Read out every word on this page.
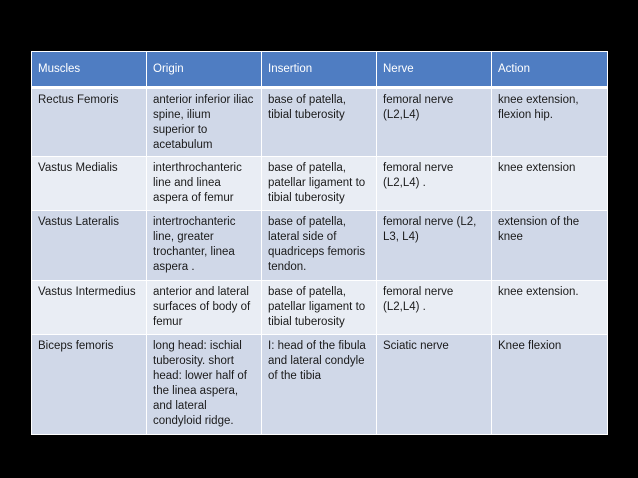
Muscles	Origin	Insertion	Nerve	Action
Rectus Femoris	anterior inferior iliac spine, ilium superior to acetabulum	base of patella, tibial tuberosity	femoral nerve (L2,L4)	knee extension, flexion hip.
Vastus Medialis	interthrochanteric line and linea aspera of femur	base of patella, patellar ligament to tibial tuberosity	femoral nerve (L2,L4) .	knee extension
Vastus Lateralis	intertrochanteric line, greater trochanter, linea aspera .	base of patella, lateral side of quadriceps femoris tendon.	femoral nerve (L2, L3, L4)	extension of the knee
Vastus Intermedius	anterior and lateral surfaces of body of femur	base of patella, patellar ligament to tibial tuberosity	femoral nerve (L2,L4) .	knee extension.
Biceps femoris	long head: ischial tuberosity. short head: lower half of the linea aspera, and lateral condyloid ridge.	I: head of the fibula and lateral condyle of the tibia	Sciatic nerve	Knee flexion
